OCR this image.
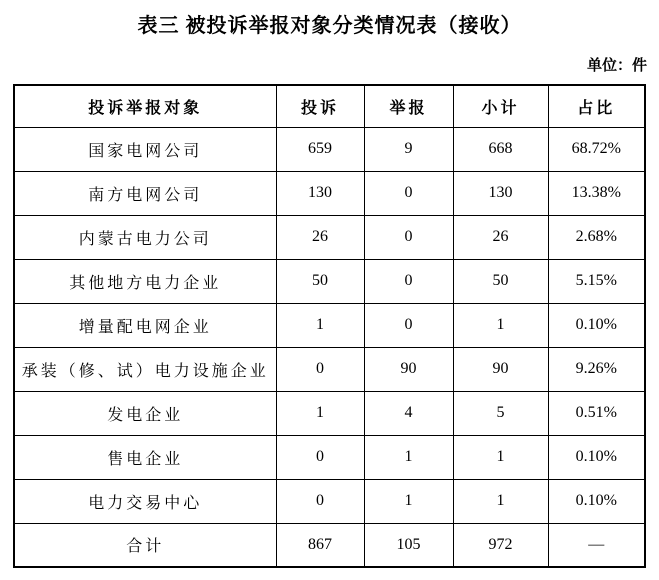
表三 被投诉举报对象分类情况表（接收）
单位：件
投诉举报对象	投诉	举报	小计	占比
国家电网公司	659	9	668	68.72%
南方电网公司	130	0	130	13.38%
内蒙古电力公司	26	0	26	2.68%
其他地方电力企业	50	0	50	5.15%
增量配电网企业	1	0	1	0.10%
承装（修、试）电力设施企业	0	90	90	9.26%
发电企业	1	4	5	0.51%
售电企业	0	1	1	0.10%
电力交易中心	0	1	1	0.10%
合计	867	105	972	—
